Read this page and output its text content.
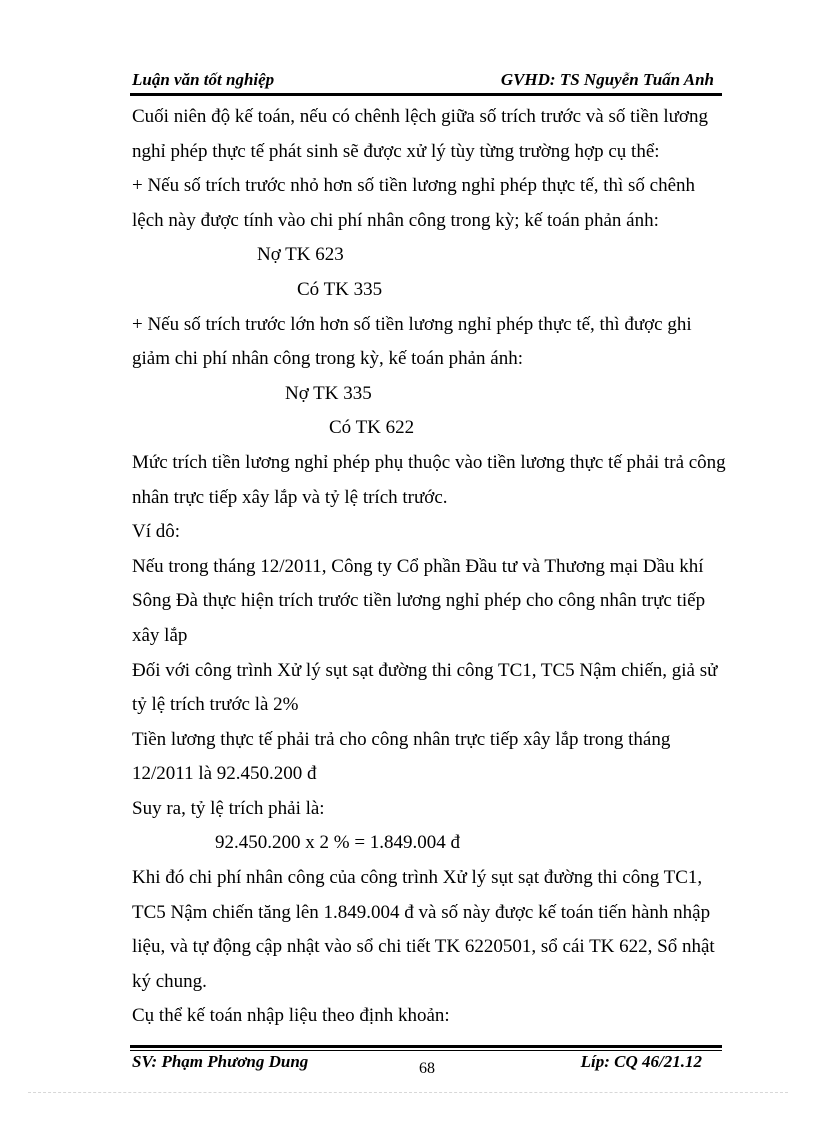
Luận văn tốt nghiệp	GVHD: TS Nguyễn Tuấn Anh
Cuối niên độ kế toán, nếu có chênh lệch giữa số trích trước và số tiền lương
nghỉ phép thực tế phát sinh sẽ được xử lý tùy từng trường hợp cụ thể:
+ Nếu số trích trước nhỏ hơn số tiền lương nghỉ phép thực tế, thì số chênh
lệch này được tính vào chi phí nhân công trong kỳ; kế toán phản ánh:
Nợ TK 623
Có TK 335
+ Nếu số trích trước lớn hơn số tiền lương nghỉ phép thực tế, thì được ghi
giảm chi phí nhân công trong kỳ, kế toán phản ánh:
Nợ TK 335
Có TK 622
Mức trích tiền lương nghỉ phép phụ thuộc vào tiền lương thực tế phải trả công
nhân trực tiếp xây lắp và tỷ lệ trích trước.
Ví dô:
Nếu trong tháng 12/2011, Công ty Cổ phần Đầu tư và Thương mại Dầu khí
Sông Đà thực hiện trích trước tiền lương nghỉ phép cho công nhân trực tiếp
xây lắp
Đối với công trình Xử lý sụt sạt đường thi công TC1, TC5 Nậm chiến, giả sử
tỷ lệ trích trước là 2%
Tiền lương thực tế phải trả cho công nhân trực tiếp xây lắp trong tháng
12/2011 là 92.450.200 đ
Suy ra, tỷ lệ trích phải là:
92.450.200 x 2 % = 1.849.004 đ
Khi đó chi phí nhân công của công trình Xử lý sụt sạt đường thi công TC1,
TC5 Nậm chiến tăng lên 1.849.004 đ và số này được kế toán tiến hành nhập
liệu, và tự động cập nhật vào sổ chi tiết TK 6220501, sổ cái TK 622, Sổ nhật
ký chung.
Cụ thể kế toán nhập liệu theo định khoản:
SV: Phạm Phương Dung	68	Líp: CQ 46/21.12
